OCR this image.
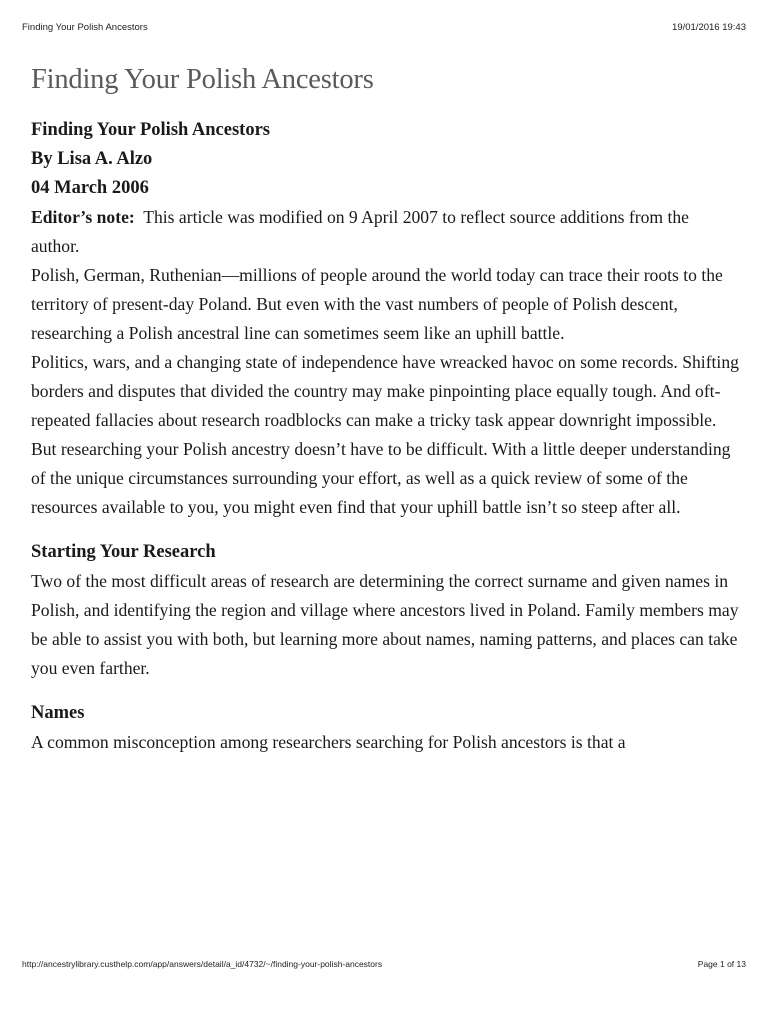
Finding Your Polish Ancestors	19/01/2016 19:43
Finding Your Polish Ancestors
Finding Your Polish Ancestors
By Lisa A. Alzo
04 March 2006

Editor’s note: This article was modified on 9 April 2007 to reflect source additions from the author.

Polish, German, Ruthenian—millions of people around the world today can trace their roots to the territory of present-day Poland. But even with the vast numbers of people of Polish descent, researching a Polish ancestral line can sometimes seem like an uphill battle.

Politics, wars, and a changing state of independence have wreacked havoc on some records. Shifting borders and disputes that divided the country may make pinpointing place equally tough. And oft-repeated fallacies about research roadblocks can make a tricky task appear downright impossible.

But researching your Polish ancestry doesn’t have to be difficult. With a little deeper understanding of the unique circumstances surrounding your effort, as well as a quick review of some of the resources available to you, you might even find that your uphill battle isn’t so steep after all.

Starting Your Research

Two of the most difficult areas of research are determining the correct surname and given names in Polish, and identifying the region and village where ancestors lived in Poland. Family members may be able to assist you with both, but learning more about names, naming patterns, and places can take you even farther.

Names

A common misconception among researchers searching for Polish ancestors is that a

http://ancestrylibrary.custhelp.com/app/answers/detail/a_id/4732/~/finding-your-polish-ancestors	Page 1 of 13
